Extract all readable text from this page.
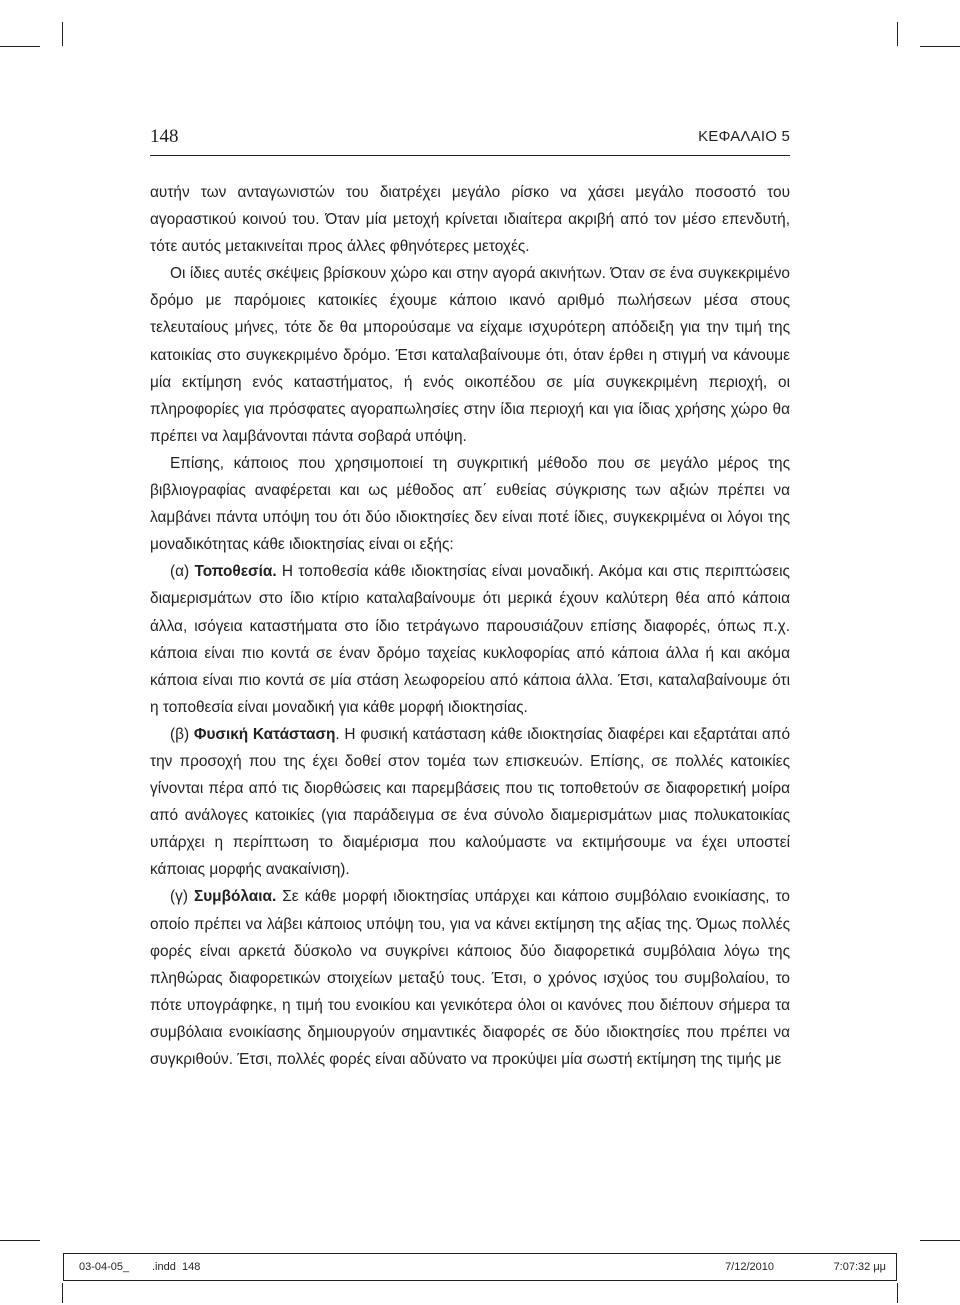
148	ΚΕΦΑΛΑΙΟ 5

αυτήν των ανταγωνιστών του διατρέχει μεγάλο ρίσκο να χάσει μεγάλο ποσοστό του αγοραστικού κοινού του. Όταν μία μετοχή κρίνεται ιδιαίτερα ακριβή από τον μέσο επενδυτή, τότε αυτός μετακινείται προς άλλες φθηνότερες μετοχές.

Οι ίδιες αυτές σκέψεις βρίσκουν χώρο και στην αγορά ακινήτων. Όταν σε ένα συγκεκριμένο δρόμο με παρόμοιες κατοικίες έχουμε κάποιο ικανό αριθμό πωλήσεων μέσα στους τελευταίους μήνες, τότε δε θα μπορούσαμε να είχαμε ισχυρότερη απόδειξη για την τιμή της κατοικίας στο συγκεκριμένο δρόμο. Έτσι καταλαβαίνουμε ότι, όταν έρθει η στιγμή να κάνουμε μία εκτίμηση ενός καταστήματος, ή ενός οικοπέδου σε μία συγκεκριμένη περιοχή, οι πληροφορίες για πρόσφατες αγοραπωλησίες στην ίδια περιοχή και για ίδιας χρήσης χώρο θα πρέπει να λαμβάνονται πάντα σοβαρά υπόψη.

Επίσης, κάποιος που χρησιμοποιεί τη συγκριτική μέθοδο που σε μεγάλο μέρος της βιβλιογραφίας αναφέρεται και ως μέθοδος απ΄ ευθείας σύγκρισης των αξιών πρέπει να λαμβάνει πάντα υπόψη του ότι δύο ιδιοκτησίες δεν είναι ποτέ ίδιες, συγκεκριμένα οι λόγοι της μοναδικότητας κάθε ιδιοκτησίας είναι οι εξής:

(α) Τοποθεσία. Η τοποθεσία κάθε ιδιοκτησίας είναι μοναδική. Ακόμα και στις περιπτώσεις διαμερισμάτων στο ίδιο κτίριο καταλαβαίνουμε ότι μερικά έχουν καλύτερη θέα από κάποια άλλα, ισόγεια καταστήματα στο ίδιο τετράγωνο παρουσιάζουν επίσης διαφορές, όπως π.χ. κάποια είναι πιο κοντά σε έναν δρόμο ταχείας κυκλοφορίας από κάποια άλλα ή και ακόμα κάποια είναι πιο κοντά σε μία στάση λεωφορείου από κάποια άλλα. Έτσι, καταλαβαίνουμε ότι η τοποθεσία είναι μοναδική για κάθε μορφή ιδιοκτησίας.

(β) Φυσική Κατάσταση. Η φυσική κατάσταση κάθε ιδιοκτησίας διαφέρει και εξαρτάται από την προσοχή που της έχει δοθεί στον τομέα των επισκευών. Επίσης, σε πολλές κατοικίες γίνονται πέρα από τις διορθώσεις και παρεμβάσεις που τις τοποθετούν σε διαφορετική μοίρα από ανάλογες κατοικίες (για παράδειγμα σε ένα σύνολο διαμερισμάτων μιας πολυκατοικίας υπάρχει η περίπτωση το διαμέρισμα που καλούμαστε να εκτιμήσουμε να έχει υποστεί κάποιας μορφής ανακαίνιση).

(γ) Συμβόλαια. Σε κάθε μορφή ιδιοκτησίας υπάρχει και κάποιο συμβόλαιο ενοικίασης, το οποίο πρέπει να λάβει κάποιος υπόψη του, για να κάνει εκτίμηση της αξίας της. Όμως πολλές φορές είναι αρκετά δύσκολο να συγκρίνει κάποιος δύο διαφορετικά συμβόλαια λόγω της πληθώρας διαφορετικών στοιχείων μεταξύ τους. Έτσι, ο χρόνος ισχύος του συμβολαίου, το πότε υπογράφηκε, η τιμή του ενοικίου και γενικότερα όλοι οι κανόνες που διέπουν σήμερα τα συμβόλαια ενοικίασης δημιουργούν σημαντικές διαφορές σε δύο ιδιοκτησίες που πρέπει να συγκριθούν. Έτσι, πολλές φορές είναι αδύνατο να προκύψει μία σωστή εκτίμηση της τιμής με

03-04-05_ .indd 148	7/12/2010	7:07:32 μμ
